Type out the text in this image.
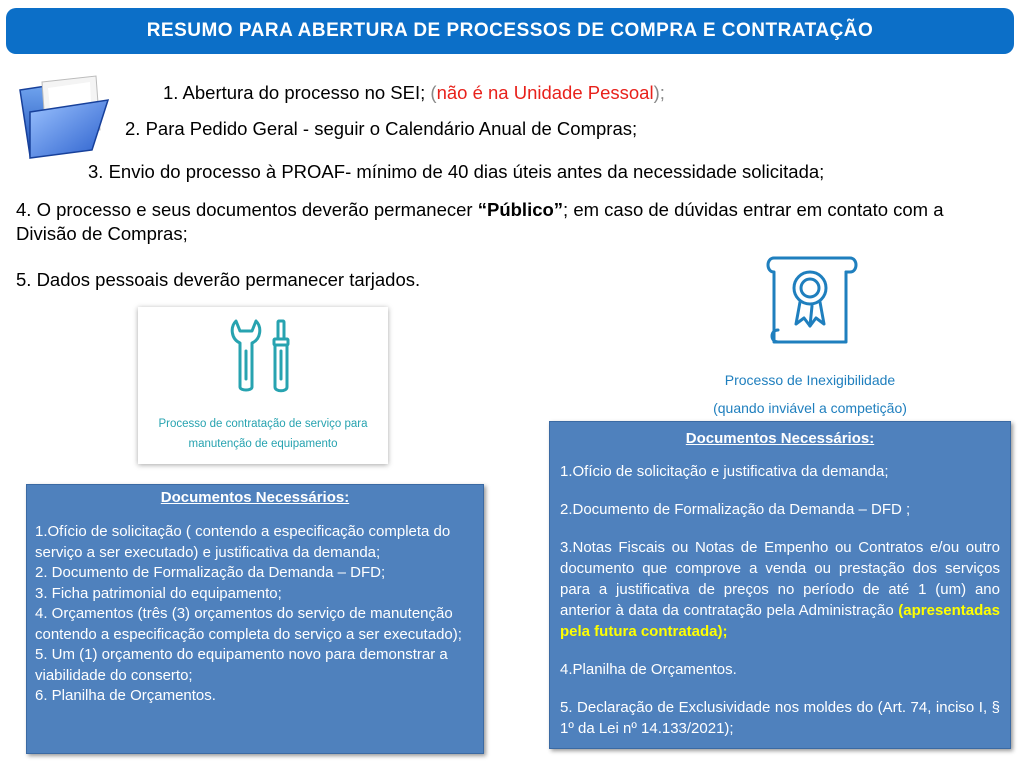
RESUMO PARA ABERTURA DE PROCESSOS DE COMPRA E CONTRATAÇÃO
1. Abertura do processo no SEI; (não é na Unidade Pessoal);
2. Para Pedido Geral - seguir o Calendário Anual de Compras;
3. Envio do processo à PROAF- mínimo de 40 dias úteis antes da necessidade solicitada;
4. O processo e seus documentos deverão permanecer “Público”; em caso de dúvidas entrar em contato com a Divisão de Compras;
5. Dados pessoais deverão permanecer tarjados.
Processo de contratação de serviço para
manutenção de equipamento
Processo de Inexigibilidade
(quando inviável a competição)
Documentos Necessários:
1.Ofício de solicitação ( contendo a especificação completa do serviço a ser executado) e justificativa da demanda;
2. Documento de Formalização da Demanda – DFD;
3. Ficha patrimonial do equipamento;
4. Orçamentos (três (3) orçamentos do serviço de manutenção contendo a especificação completa do serviço a ser executado);
5. Um (1) orçamento do equipamento novo para demonstrar a viabilidade do conserto;
6. Planilha de Orçamentos.
Documentos Necessários:
1.Ofício de solicitação e justificativa da demanda;
2.Documento de Formalização da Demanda – DFD ;
3.Notas Fiscais ou Notas de Empenho ou Contratos e/ou outro documento que comprove a venda ou prestação dos serviços para a justificativa de preços no período de até 1 (um) ano anterior à data da contratação pela Administração (apresentadas pela futura contratada);
4.Planilha de Orçamentos.
5. Declaração de Exclusividade nos moldes do (Art. 74, inciso I, § 1º da Lei nº 14.133/2021);
